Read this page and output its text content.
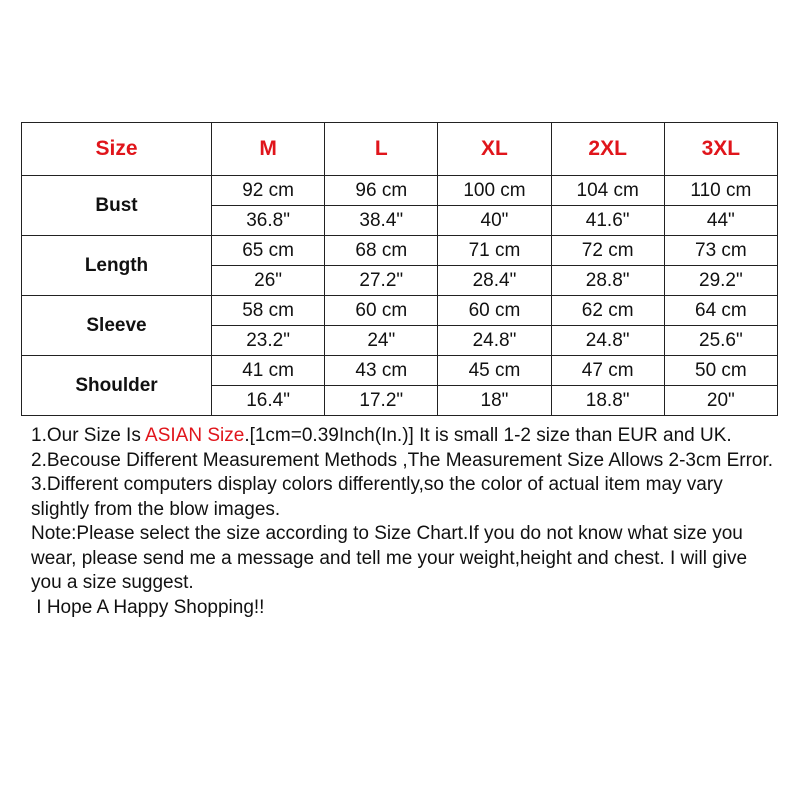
Size	M	L	XL	2XL	3XL
Bust	92 cm	96 cm	100 cm	104 cm	110 cm
	36.8"	38.4"	40"	41.6"	44"
Length	65 cm	68 cm	71 cm	72 cm	73 cm
	26"	27.2"	28.4"	28.8"	29.2"
Sleeve	58 cm	60 cm	60 cm	62 cm	64 cm
	23.2"	24"	24.8"	24.8"	25.6"
Shoulder	41 cm	43 cm	45 cm	47 cm	50 cm
	16.4"	17.2"	18"	18.8"	20"

1.Our Size Is ASIAN Size.[1cm=0.39Inch(In.)] It is small 1-2 size than EUR and UK.

2.Becouse Different Measurement Methods ,The Measurement Size Allows 2-3cm Error.

3.Different computers display colors differently,so the color of actual item may vary slightly from the blow images.

Note:Please select the size according to Size Chart.If you do not know what size you wear, please send me a message and tell me your weight,height and chest. I will give you a size suggest.

I Hope A Happy Shopping!!
